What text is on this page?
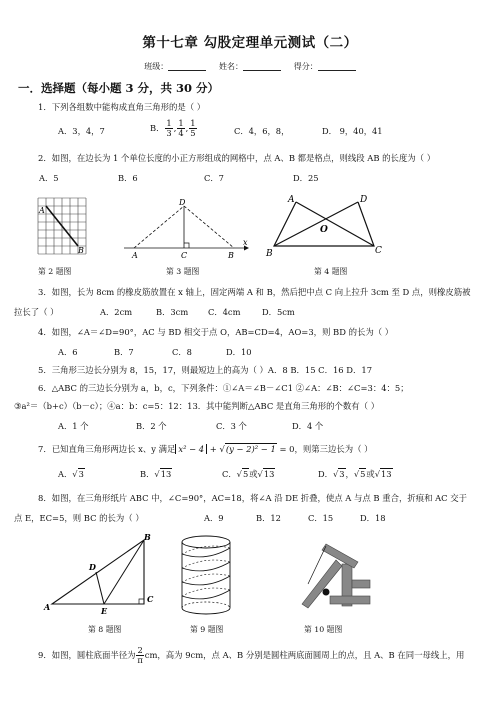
第十七章 勾股定理单元测试（二）
班级：	姓名：	得分：
一．选择题（每小题 3 分，共 30 分）
1．下列各组数中能构成直角三角形的是（ ）
A．3，4，7	B． $\frac{1}{3}$ , $\frac{1}{4}$ , $\frac{1}{5}$	C．4，6，8，	D． 9，40，41
2．如图，在边长为 1 个单位长度的小正方形组成的网格中，点 A、B 都是格点，则线段 AB 的长度为（ ）
A．5	B．6	C．7	D．25
A
B
D
A	C	B
x
A	D
O
B	C
第 2 题图	第 3 题图	第 4 题图
3．如图，长为 8cm 的橡皮筋放置在 x 轴上，固定两端 A 和 B，然后把中点 C 向上拉升 3cm 至 D 点，则橡皮筋被
拉长了（ ）	A．2cm	B．3cm C．4cm	D．5cm
4．如图，∠A＝∠D=90°，AC 与 BD 相交于点 O，AB=CD=4，AO=3，则 BD 的长为（ ）
A．6	B．7	C．8	D．10
5．三角形三边长分别为 8，15，17，则最短边上的高为（ ）A．8 B．15 C．16 D．17
6．△ABC 的三边长分别为 a，b，c，下列条件：①∠A＝∠B－∠C1 ②∠A：∠B：∠C=3：4：5；
③a²＝（b+c）（b－c）；④a：b：c=5：12：13．其中能判断△ABC 是直角三角形的个数有（ ）
A．1 个	B．2 个	C．3 个	D．4 个
7．已知直角三角形两边长 x、y 满足 x² − 4 + √(y − 2)² − 1 = 0，则第三边长为（ ）
A．√3	B．√13	C．√5或√13	D．√3，√5或√13
8．如图，在三角形纸片 ABC 中，∠C=90°，AC=18，将∠A 沿 DE 折叠，使点 A 与点 B 重合，折痕和 AC 交于
点 E，EC=5，则 BC 的长为（ ）	A．9	B．12	C．15	D．18
A
B
C
D
E
第 8 题图	第 9 题图	第 10 题图
9．如图，圆柱底面半径为 $\frac{2}{\pi}$ cm，高为 9cm，点 A、B 分别是圆柱两底面圆周上的点，且 A、B 在同一母线上，用
